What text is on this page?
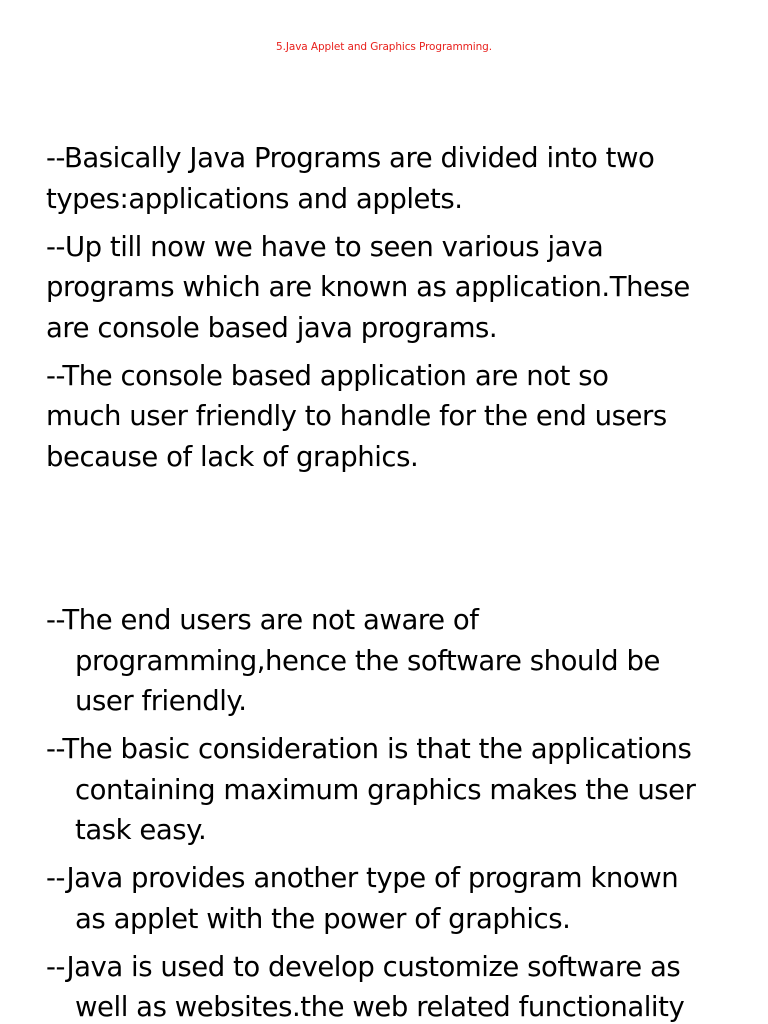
5.Java Applet and Graphics Programming.
--Basically Java Programs are divided into two
types:applications and applets.
--Up till now we have to seen various java
programs which are known as application.These
are console based java programs.
--The console based application are not so
much user friendly to handle for the end users
because of lack of graphics.
--The end users are not aware of
programming,hence the software should be
user friendly.
--The basic consideration is that the applications
containing maximum graphics makes the user
task easy.
--Java provides another type of program known
as applet with the power of graphics.
--Java is used to develop customize software as
well as websites.the web related functionality
